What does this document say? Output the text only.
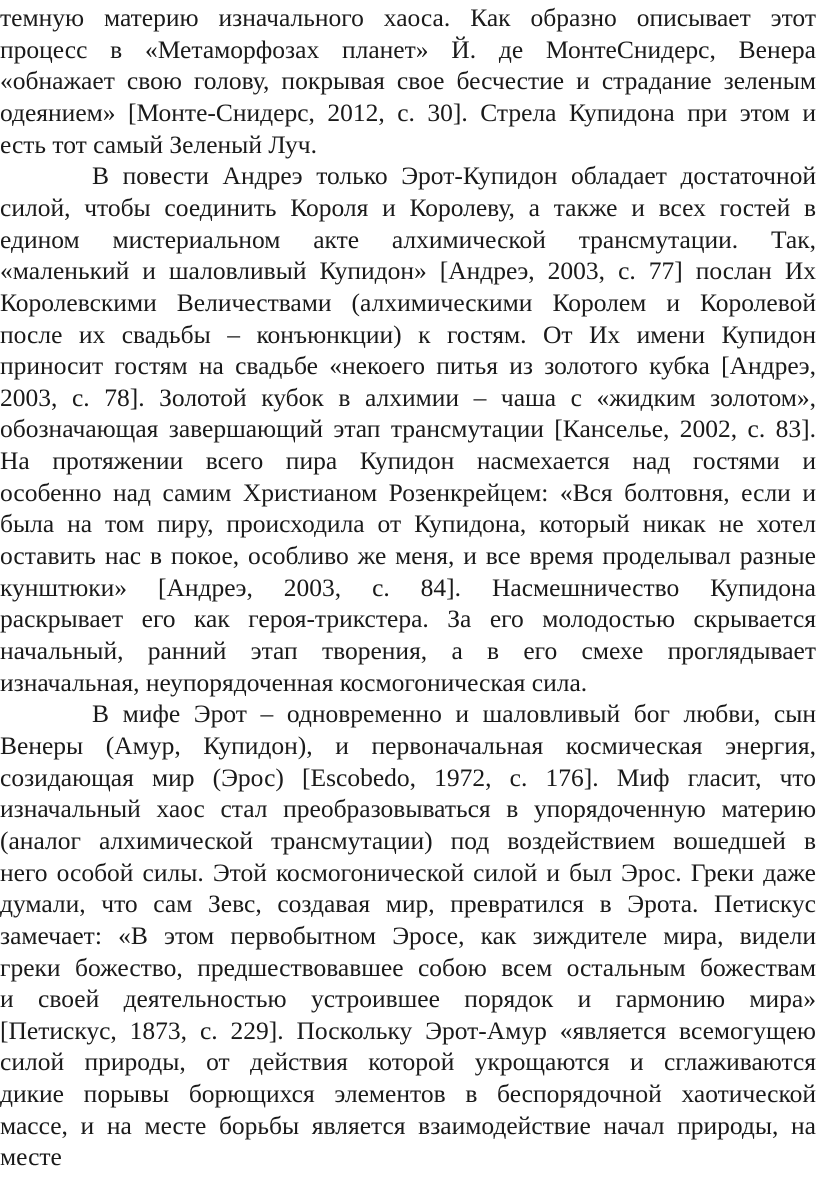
темную материю изначального хаоса. Как образно описывает этот
процесс в «Метаморфозах планет» Й. де МонтеСнидерс, Венера
«обнажает свою голову, покрывая свое бесчестие и страдание зеленым
одеянием» [Монте-Снидерс, 2012, с. 30]. Стрела Купидона при этом и
есть тот самый Зеленый Луч.
В повести Андреэ только Эрот-Купидон обладает достаточной
силой, чтобы соединить Короля и Королеву, а также и всех гостей в
едином мистериальном акте алхимической трансмутации. Так,
«маленький и шаловливый Купидон» [Андреэ, 2003, с. 77] послан Их
Королевскими Величествами (алхимическими Королем и Королевой
после их свадьбы – конъюнкции) к гостям. От Их имени Купидон
приносит гостям на свадьбе «некоего питья из золотого кубка [Андреэ,
2003, с. 78]. Золотой кубок в алхимии – чаша с «жидким золотом»,
обозначающая завершающий этап трансмутации [Канселье, 2002, с. 83].
На протяжении всего пира Купидон насмехается над гостями и
особенно над самим Христианом Розенкрейцем: «Вся болтовня, если и
была на том пиру, происходила от Купидона, который никак не хотел
оставить нас в покое, особливо же меня, и все время проделывал разные
кунштюки» [Андреэ, 2003, с. 84]. Насмешничество Купидона
раскрывает его как героя-трикстера. За его молодостью скрывается
начальный, ранний этап творения, а в его смехе проглядывает
изначальная, неупорядоченная космогоническая сила.
В мифе Эрот – одновременно и шаловливый бог любви, сын
Венеры (Амур, Купидон), и первоначальная космическая энергия,
созидающая мир (Эрос) [Escobedo, 1972, с. 176]. Миф гласит, что
изначальный хаос стал преобразовываться в упорядоченную материю
(аналог алхимической трансмутации) под воздействием вошедшей в
него особой силы. Этой космогонической силой и был Эрос. Греки даже
думали, что сам Зевс, создавая мир, превратился в Эрота. Петискус
замечает: «В этом первобытном Эросе, как зиждителе мира, видели
греки божество, предшествовавшее собою всем остальным божествам
и своей деятельностью устроившее порядок и гармонию мира»
[Петискус, 1873, с. 229]. Поскольку Эрот-Амур «является всемогущею
силой природы, от действия которой укрощаются и сглаживаются
дикие порывы борющихся элементов в беспорядочной хаотической
массе, и на месте борьбы является взаимодействие начал природы, на
месте
